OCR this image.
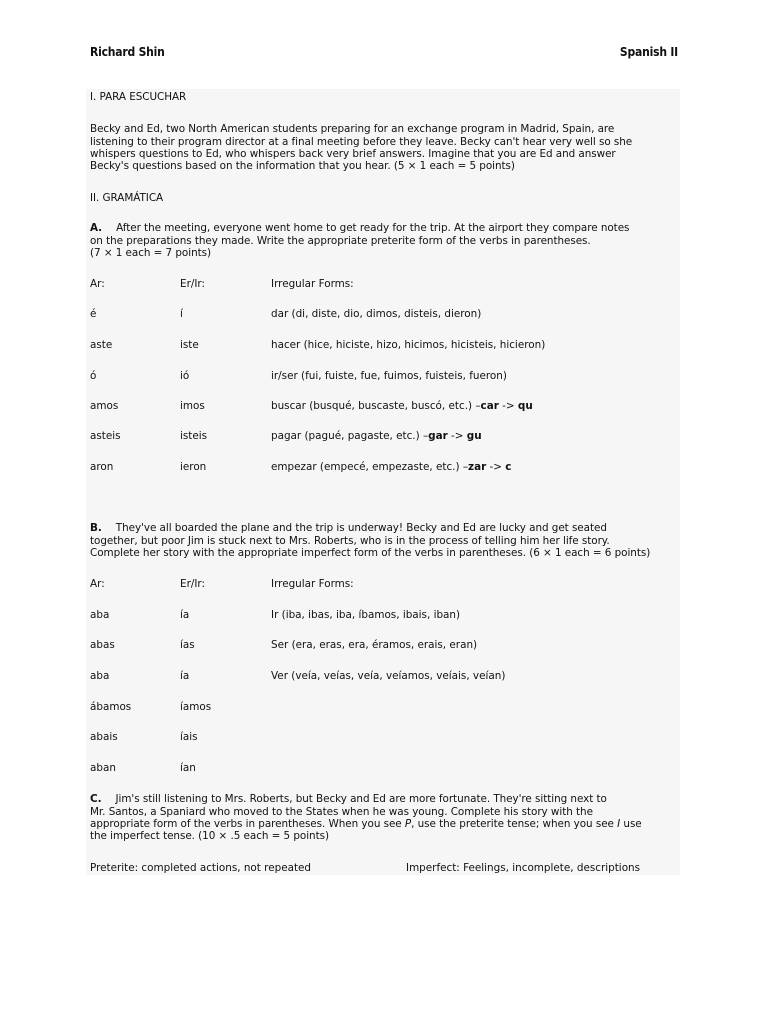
Richard Shin	Spanish II
I. PARA ESCUCHAR
Becky and Ed, two North American students preparing for an exchange program in Madrid, Spain, are
listening to their program director at a final meeting before they leave. Becky can't hear very well so she
whispers questions to Ed, who whispers back very brief answers. Imagine that you are Ed and answer
Becky's questions based on the information that you hear. (5 × 1 each = 5 points)
II. GRAMÁTICA
A. After the meeting, everyone went home to get ready for the trip. At the airport they compare notes
on the preparations they made. Write the appropriate preterite form of the verbs in parentheses.
(7 × 1 each = 7 points)
Ar:	Er/Ir:	Irregular Forms:
é	í	dar (di, diste, dio, dimos, disteis, dieron)
aste	iste	hacer (hice, hiciste, hizo, hicimos, hicisteis, hicieron)
ó	ió	ir/ser (fui, fuiste, fue, fuimos, fuisteis, fueron)
amos	imos	buscar (busqué, buscaste, buscó, etc.) –car -> qu
asteis	isteis	pagar (pagué, pagaste, etc.) –gar -> gu
aron	ieron	empezar (empecé, empezaste, etc.) –zar -> c
B. They've all boarded the plane and the trip is underway! Becky and Ed are lucky and get seated
together, but poor Jim is stuck next to Mrs. Roberts, who is in the process of telling him her life story.
Complete her story with the appropriate imperfect form of the verbs in parentheses. (6 × 1 each = 6 points)
Ar:	Er/Ir:	Irregular Forms:
aba	ía	Ir (iba, ibas, iba, íbamos, ibais, iban)
abas	ías	Ser (era, eras, era, éramos, erais, eran)
aba	ía	Ver (veía, veías, veía, veíamos, veíais, veían)
ábamos	íamos
abais	íais
aban	ían
C. Jim's still listening to Mrs. Roberts, but Becky and Ed are more fortunate. They're sitting next to
Mr. Santos, a Spaniard who moved to the States when he was young. Complete his story with the
appropriate form of the verbs in parentheses. When you see P, use the preterite tense; when you see I use
the imperfect tense. (10 × .5 each = 5 points)
Preterite: completed actions, not repeated	Imperfect: Feelings, incomplete, descriptions
